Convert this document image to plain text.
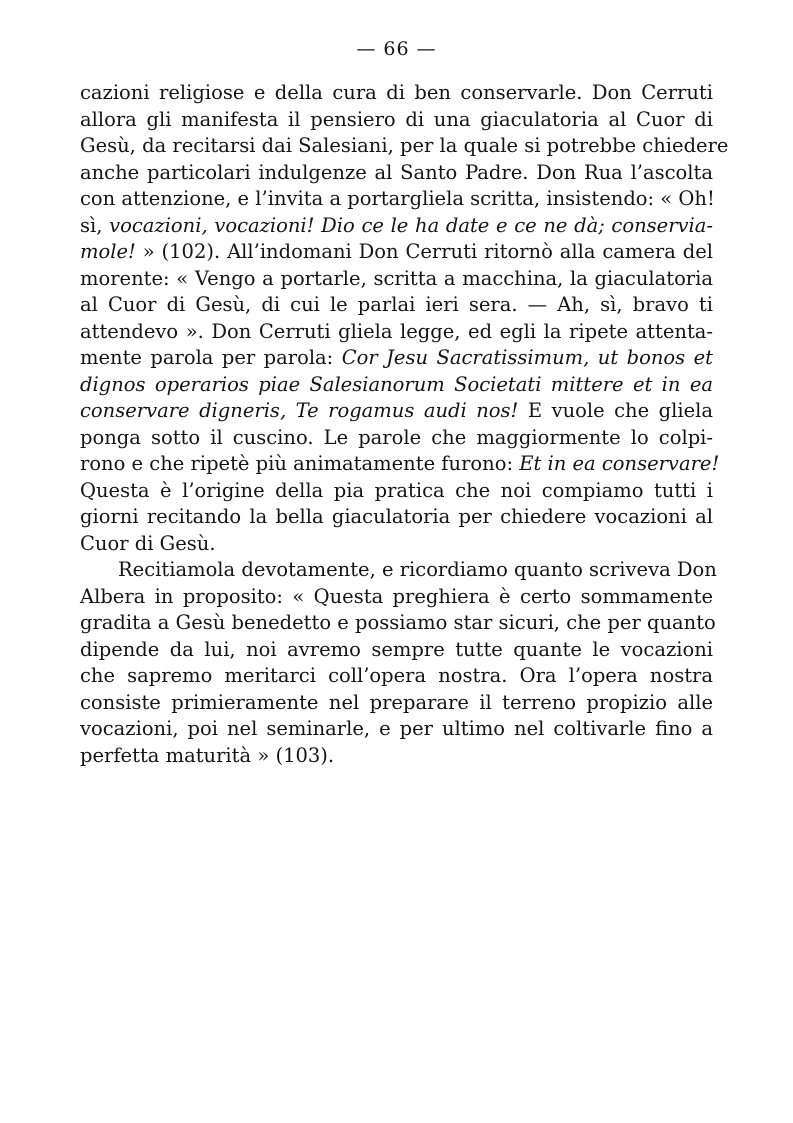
— 66 —
cazioni religiose e della cura di ben conservarle. Don Cerruti
allora gli manifesta il pensiero di una giaculatoria al Cuor di
Gesù, da recitarsi dai Salesiani, per la quale si potrebbe chiedere
anche particolari indulgenze al Santo Padre. Don Rua l’ascolta
con attenzione, e l’invita a portargliela scritta, insistendo: « Oh!
sì, vocazioni, vocazioni! Dio ce le ha date e ce ne dà; conservia-
mole! » (102). All’indomani Don Cerruti ritornò alla camera del
morente: « Vengo a portarle, scritta a macchina, la giaculatoria
al Cuor di Gesù, di cui le parlai ieri sera. — Ah, sì, bravo ti
attendevo ». Don Cerruti gliela legge, ed egli la ripete attenta-
mente parola per parola: Cor Jesu Sacratissimum, ut bonos et
dignos operarios piae Salesianorum Societati mittere et in ea
conservare digneris, Te rogamus audi nos! E vuole che gliela
ponga sotto il cuscino. Le parole che maggiormente lo colpi-
rono e che ripetè più animatamente furono: Et in ea conservare!
Questa è l’origine della pia pratica che noi compiamo tutti i
giorni recitando la bella giaculatoria per chiedere vocazioni al
Cuor di Gesù.
Recitiamola devotamente, e ricordiamo quanto scriveva Don
Albera in proposito: « Questa preghiera è certo sommamente
gradita a Gesù benedetto e possiamo star sicuri, che per quanto
dipende da lui, noi avremo sempre tutte quante le vocazioni
che sapremo meritarci coll’opera nostra. Ora l’opera nostra
consiste primieramente nel preparare il terreno propizio alle
vocazioni, poi nel seminarle, e per ultimo nel coltivarle fino a
perfetta maturità » (103).
